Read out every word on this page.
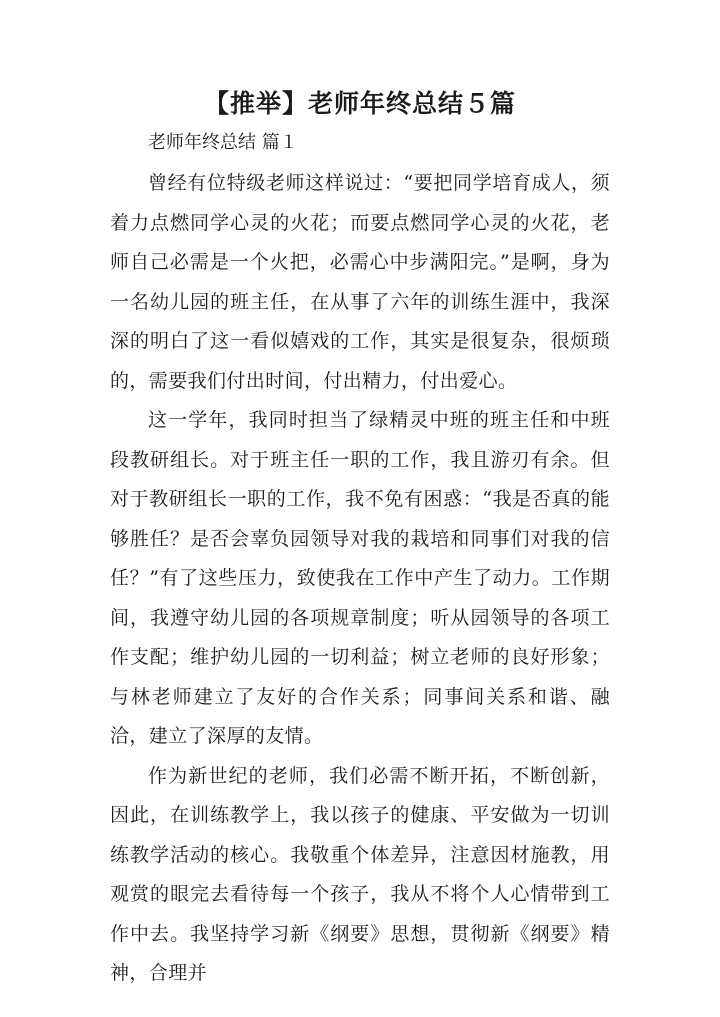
【推举】老师年终总结５篇

老师年终总结 篇１

曾经有位特级老师这样说过：“要把同学培育成人，须着力点燃同学心灵的火花；而要点燃同学心灵的火花，老师自己必需是一个火把，必需心中步满阳完。”是啊，身为一名幼儿园的班主任，在从事了六年的训练生涯中，我深深的明白了这一看似嬉戏的工作，其实是很复杂，很烦琐的，需要我们付出时间，付出精力，付出爱心。

这一学年，我同时担当了绿精灵中班的班主任和中班段教研组长。对于班主任一职的工作，我且游刃有余。但对于教研组长一职的工作，我不免有困惑：“我是否真的能够胜任？是否会辜负园领导对我的栽培和同事们对我的信任？”有了这些压力，致使我在工作中产生了动力。工作期间，我遵守幼儿园的各项规章制度；听从园领导的各项工作支配；维护幼儿园的一切利益；树立老师的良好形象；与林老师建立了友好的合作关系；同事间关系和谐、融洽，建立了深厚的友情。

作为新世纪的老师，我们必需不断开拓，不断创新，因此，在训练教学上，我以孩子的健康、平安做为一切训练教学活动的核心。我敬重个体差异，注意因材施教，用观赏的眼完去看待每一个孩子，我从不将个人心情带到工作中去。我坚持学习新《纲要》思想，贯彻新《纲要》精神，合理并
